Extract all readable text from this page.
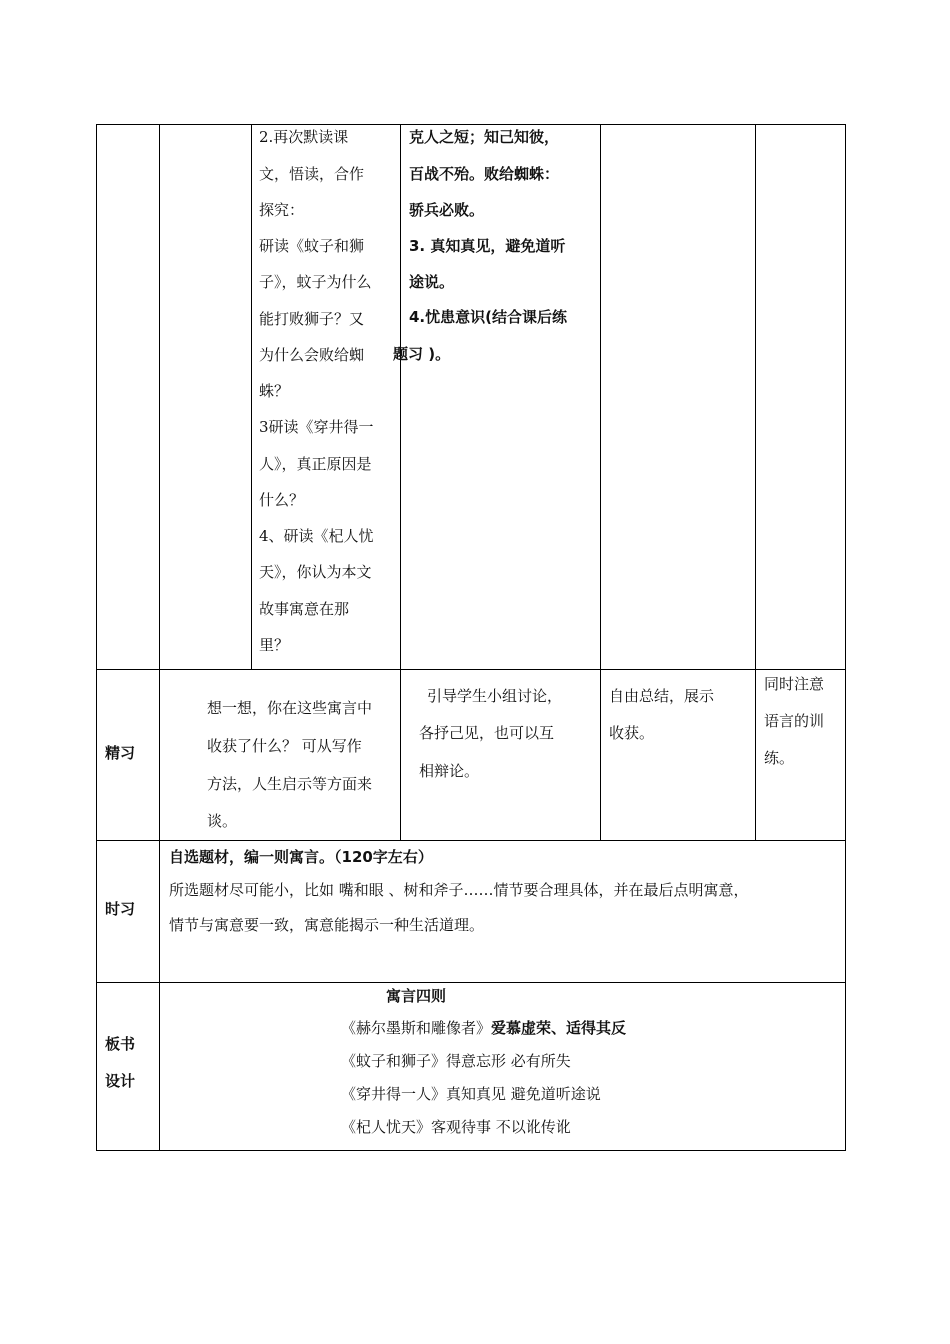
2.再次默读课
文，悟读，合作
探究：
研读《蚊子和狮
子》，蚊子为什么
能打败狮子？又
为什么会败给蜘
蛛？
3研读《穿井得一
人》，真正原因是
什么？
4、研读《杞人忧
天》，你认为本文
故事寓意在那
里？
克人之短；知己知彼，
百战不殆。败给蜘蛛：
骄兵必败。
3. 真知真见，避免道听
途说。
4.忧患意识(结合课后练
题习 )。
精习
想一想，你在这些寓言中
收获了什么？ 可从写作
方法，人生启示等方面来
谈。
引导学生小组讨论，
各抒己见，也可以互
相辩论。
自由总结，展示
收获。
同时注意
语言的训
练。
时习
自选题材，编一则寓言。（120字左右）
所选题材尽可能小，比如 嘴和眼 、树和斧子……情节要合理具体，并在最后点明寓意，
情节与寓意要一致，寓意能揭示一种生活道理。
板书
设计
寓言四则
《赫尔墨斯和雕像者》爱慕虚荣、适得其反
《蚊子和狮子》得意忘形 必有所失
《穿井得一人》真知真见 避免道听途说
《杞人忧天》客观待事 不以讹传讹
